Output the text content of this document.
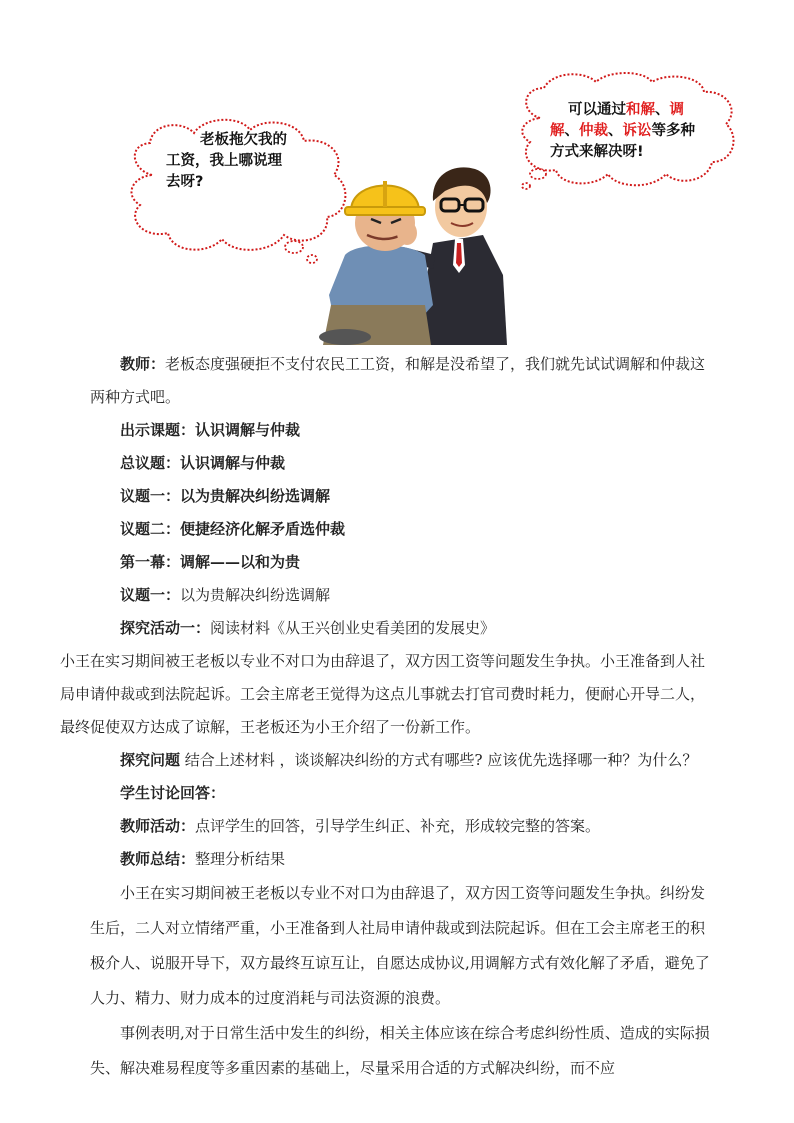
老板拖欠我的
工资，我上哪说理
去呀?
可以通过和解、调
解、仲裁、诉讼等多种
方式来解决呀!

教师：老板态度强硬拒不支付农民工工资，和解是没希望了，我们就先试试调解和仲裁这两种方式吧。

出示课题：认识调解与仲裁

总议题：认识调解与仲裁

议题一：以为贵解决纠纷选调解

议题二：便捷经济化解矛盾选仲裁

第一幕：调解——以和为贵

议题一：以为贵解决纠纷选调解

探究活动一：阅读材料《从王兴创业史看美团的发展史》

小王在实习期间被王老板以专业不对口为由辞退了，双方因工资等问题发生争执。小王准备到人社局申请仲裁或到法院起诉。工会主席老王觉得为这点儿事就去打官司费时耗力，便耐心开导二人，最终促使双方达成了谅解，王老板还为小王介绍了一份新工作。

探究问题 结合上述材料 ，谈谈解决纠纷的方式有哪些? 应该优先选择哪一种？为什么？

学生讨论回答：

教师活动：点评学生的回答，引导学生纠正、补充，形成较完整的答案。

教师总结：整理分析结果

小王在实习期间被王老板以专业不对口为由辞退了，双方因工资等问题发生争执。纠纷发生后，二人对立情绪严重，小王准备到人社局申请仲裁或到法院起诉。但在工会主席老王的积极介人、说服开导下，双方最终互谅互让，自愿达成协议,用调解方式有效化解了矛盾，避免了人力、精力、财力成本的过度消耗与司法资源的浪费。

事例表明,对于日常生活中发生的纠纷，相关主体应该在综合考虑纠纷性质、造成的实际损失、解决难易程度等多重因素的基础上，尽量采用合适的方式解决纠纷，而不应
